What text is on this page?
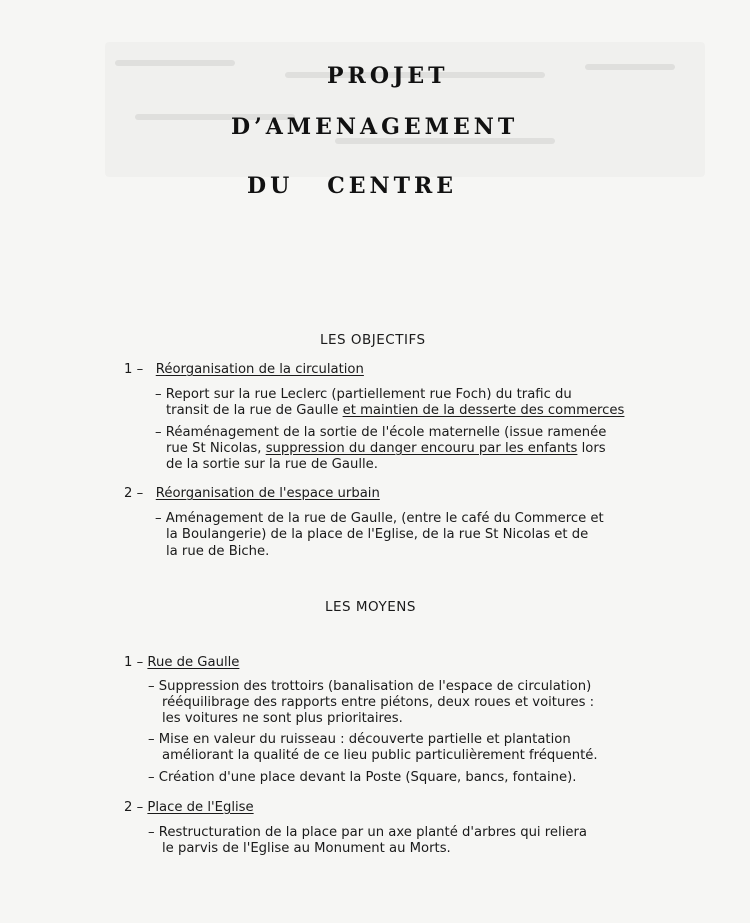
PROJET
D’AMENAGEMENT
DU CENTRE
LES OBJECTIFS
1 – Réorganisation de la circulation
– Report sur la rue Leclerc (partiellement rue Foch) du trafic du
transit de la rue de Gaulle et maintien de la desserte des commerces
– Réaménagement de la sortie de l'école maternelle (issue ramenée
rue St Nicolas, suppression du danger encouru par les enfants lors
de la sortie sur la rue de Gaulle.
2 – Réorganisation de l'espace urbain
– Aménagement de la rue de Gaulle, (entre le café du Commerce et
la Boulangerie) de la place de l'Eglise, de la rue St Nicolas et de
la rue de Biche.
LES MOYENS
1 – Rue de Gaulle
– Suppression des trottoirs (banalisation de l'espace de circulation)
rééquilibrage des rapports entre piétons, deux roues et voitures :
les voitures ne sont plus prioritaires.
– Mise en valeur du ruisseau : découverte partielle et plantation
améliorant la qualité de ce lieu public particulièrement fréquenté.
– Création d'une place devant la Poste (Square, bancs, fontaine).
2 – Place de l'Eglise
– Restructuration de la place par un axe planté d'arbres qui reliera
le parvis de l'Eglise au Monument au Morts.
